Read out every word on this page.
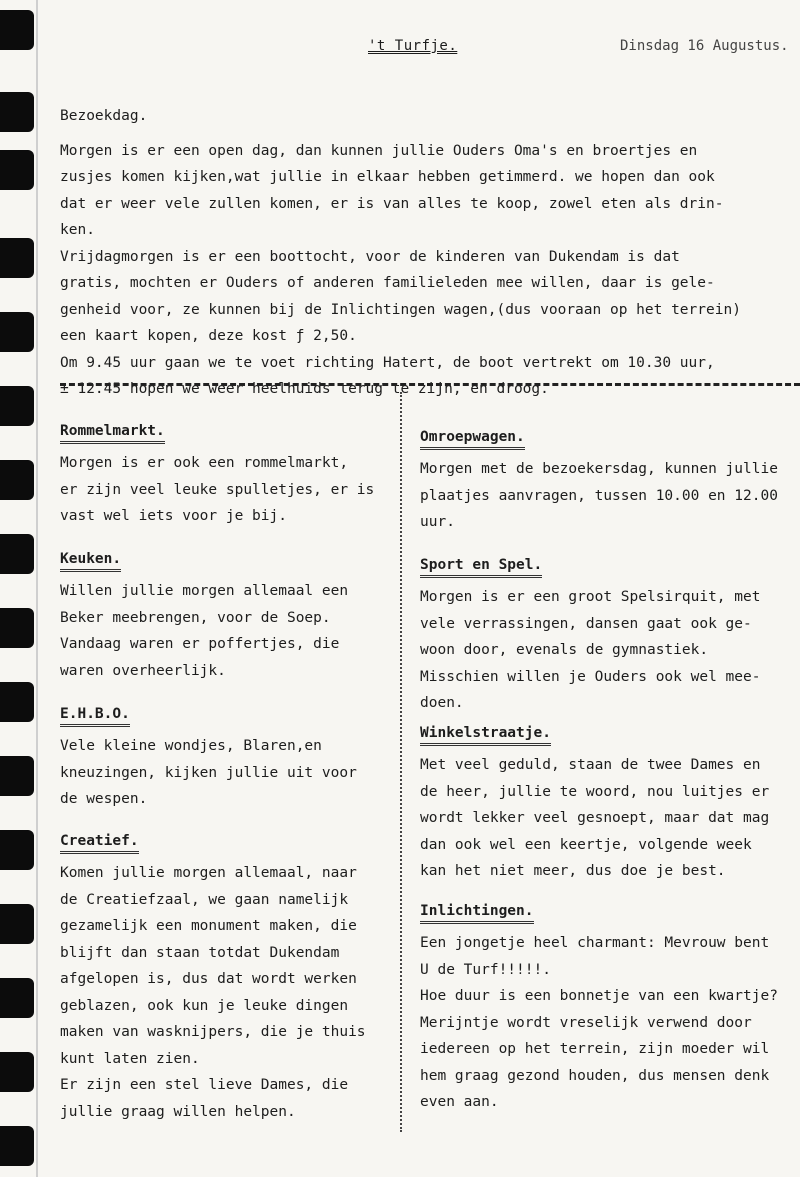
't Turfje.	Dinsdag 16 Augustus.

Bezoekdag.

Morgen is er een open dag, dan kunnen jullie Ouders Oma's en broertjes en

zusjes komen kijken,wat jullie in elkaar hebben getimmerd. we hopen dan ook

dat er weer vele zullen komen, er is van alles te koop, zowel eten als drin-

ken.

Vrijdagmorgen is er een boottocht, voor de kinderen van Dukendam is dat

gratis, mochten er Ouders of anderen familieleden mee willen, daar is gele-

genheid voor, ze kunnen bij de Inlichtingen wagen,(dus vooraan op het terrein)

een kaart kopen, deze kost ƒ 2,50.

Om 9.45 uur gaan we te voet richting Hatert, de boot vertrekt om 10.30 uur,

± 12.45 hopen we weer heelhuids terug te zijn, en droog.

Rommelmarkt.
Morgen is er ook een rommelmarkt,
er zijn veel leuke spulletjes, er is
vast wel iets voor je bij.
Keuken.
Willen jullie morgen allemaal een
Beker meebrengen, voor de Soep.
Vandaag waren er poffertjes, die
waren overheerlijk.
E.H.B.O.
Vele kleine wondjes, Blaren,en
kneuzingen, kijken jullie uit voor
de wespen.
Creatief.
Komen jullie morgen allemaal, naar
de Creatiefzaal, we gaan namelijk
gezamelijk een monument maken, die
blijft dan staan totdat Dukendam
afgelopen is, dus dat wordt werken
geblazen, ook kun je leuke dingen
maken van wasknijpers, die je thuis
kunt laten zien.
Er zijn een stel lieve Dames, die
jullie graag willen helpen.
Omroepwagen.
Morgen met de bezoekersdag, kunnen jullie
plaatjes aanvragen, tussen 10.00 en 12.00
uur.
Sport en Spel.
Morgen is er een groot Spelsirquit, met
vele verrassingen, dansen gaat ook ge-
woon door, evenals de gymnastiek.
Misschien willen je Ouders ook wel mee-
doen.
Winkelstraatje.
Met veel geduld, staan de twee Dames en
de heer, jullie te woord, nou luitjes er
wordt lekker veel gesnoept, maar dat mag
dan ook wel een keertje, volgende week
kan het niet meer, dus doe je best.
Inlichtingen.
Een jongetje heel charmant: Mevrouw bent
U de Turf!!!!!.
Hoe duur is een bonnetje van een kwartje?
Merijntje wordt vreselijk verwend door
iedereen op het terrein, zijn moeder wil
hem graag gezond houden, dus mensen denk
even aan.
